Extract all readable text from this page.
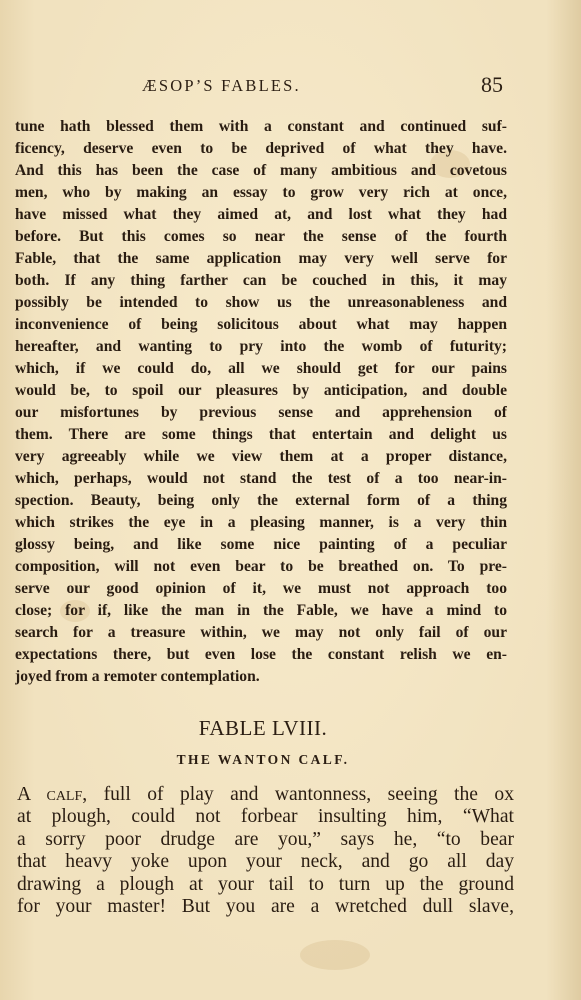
ÆSOP’S FABLES.	85
tune hath blessed them with a constant and continued suf-
ficency, deserve even to be deprived of what they have.
And this has been the case of many ambitious and covetous
men, who by making an essay to grow very rich at once,
have missed what they aimed at, and lost what they had
before. But this comes so near the sense of the fourth
Fable, that the same application may very well serve for
both. If any thing farther can be couched in this, it may
possibly be intended to show us the unreasonableness and
inconvenience of being solicitous about what may happen
hereafter, and wanting to pry into the womb of futurity;
which, if we could do, all we should get for our pains
would be, to spoil our pleasures by anticipation, and double
our misfortunes by previous sense and apprehension of
them. There are some things that entertain and delight us
very agreeably while we view them at a proper distance,
which, perhaps, would not stand the test of a too near-in-
spection. Beauty, being only the external form of a thing
which strikes the eye in a pleasing manner, is a very thin
glossy being, and like some nice painting of a peculiar
composition, will not even bear to be breathed on. To pre-
serve our good opinion of it, we must not approach too
close; for if, like the man in the Fable, we have a mind to
search for a treasure within, we may not only fail of our
expectations there, but even lose the constant relish we en-
joyed from a remoter contemplation.
FABLE LVIII.
THE WANTON CALF.
A calf, full of play and wantonness, seeing the ox
at plough, could not forbear insulting him, “What
a sorry poor drudge are you,” says he, “to bear
that heavy yoke upon your neck, and go all day
drawing a plough at your tail to turn up the ground
for your master! But you are a wretched dull slave,
